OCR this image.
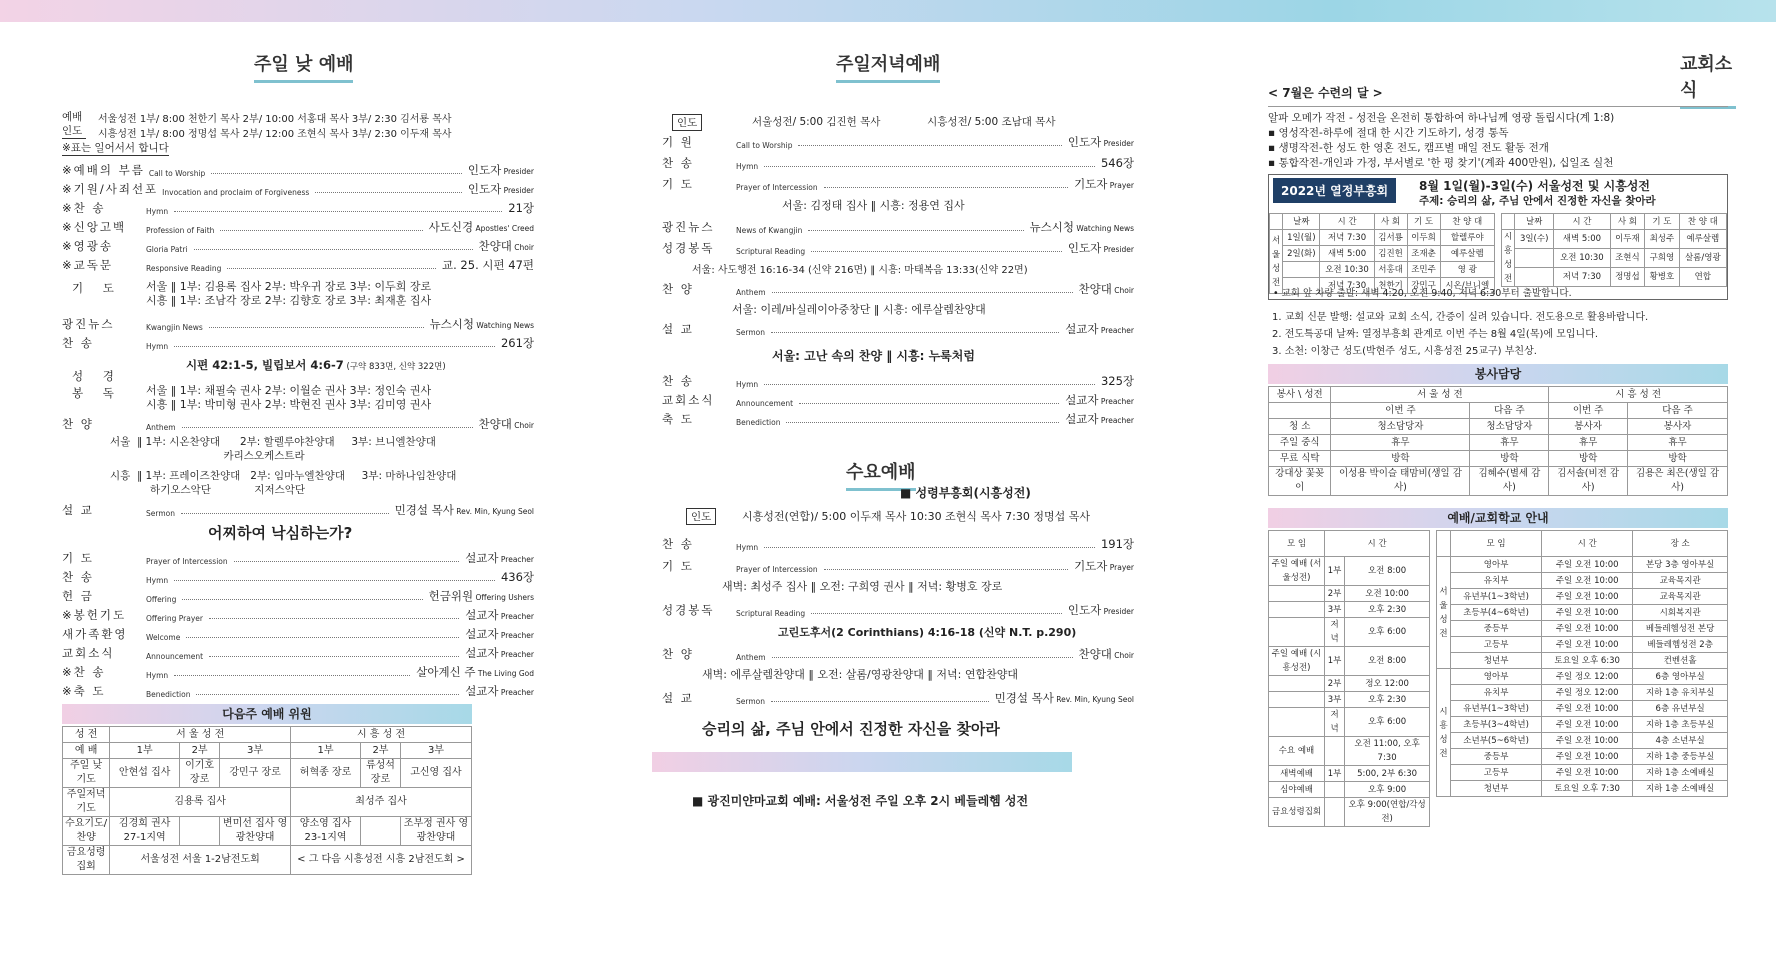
주일 낮 예배
예배 인도
서울성전 1부/ 8:00 천한기 목사 2부/ 10:00 서홍대 목사 3부/ 2:30 김서룡 목사
시흥성전 1부/ 8:00 정명섭 목사 2부/ 12:00 조현식 목사 3부/ 2:30 이두재 목사
※표는 일어서서 합니다
※예배의 부름 Call to Worship	인도자 Presider
※기원/사죄선포 Invocation and proclaim of Forgiveness	인도자 Presider
※찬 송	Hymn	21장
※신앙고백	Profession of Faith	사도신경 Apostles' Creed
※영광송	Gloria Patri	찬양대 Choir
※교독문	Responsive Reading	교. 25. 시편 47편
기 도 서울 ‖ 1부: 김용록 집사 2부: 박우귀 장로 3부: 이두희 장로
시흥 ‖ 1부: 조남각 장로 2부: 김향호 장로 3부: 최재훈 집사
광진뉴스	Kwangjin News	뉴스시청 Watching News
찬 송	Hymn	261장
성 경
시편 42:1-5, 빌립보서 4:6-7 (구약 833면, 신약 322면)
봉 독 서울 ‖ 1부: 채필숙 권사 2부: 이월순 권사 3부: 정인숙 권사
시흥 ‖ 1부: 박미형 권사 2부: 박현진 권사 3부: 김미영 권사
찬 양	Anthem	찬양대 Choir
서울  ‖ 1부: 시온찬양대      2부: 할렐루야찬양대     3부: 브니엘찬양대
카리스오케스트라
시흥  ‖ 1부: 프레이즈찬양대   2부: 임마누엘찬양대     3부: 마하나임찬양대
하기오스악단             지저스악단
설 교	Sermon	민경설 목사 Rev. Min, Kyung Seol
어찌하여 낙심하는가?
기 도	Prayer of Intercession	설교자 Preacher
찬 송	Hymn	436장
헌 금	Offering	헌금위원 Offering Ushers
※봉헌기도	Offering Prayer	설교자 Preacher
새가족환영	Welcome	설교자 Preacher
교회소식	Announcement	설교자 Preacher
※찬 송	Hymn	살아계신 주 The Living God
※축 도	Benediction	설교자 Preacher
다음주 예배 위원
성 전	서 울 성 전			시 흥 성 전		
예 배	1부	2부	3부	1부	2부	3부
주일 낮 기도	안현섭 집사	이기호 장로	강민구 장로	허혁종 장로	류성석 장로	고신영 집사
주일저녁 기도	김용록 집사			최성주 집사		
수요기도/찬양	김경희 권사 27-1지역		변미선 집사 영광찬양대	양소영 집사 23-1지역		조부정 권사 영광찬양대
금요성령집회	서울성전 서울 1-2남전도회			< 그 다음 시흥성전 시흥 2남전도회 >		
주일저녁예배
인도	서울성전/ 5:00 김진헌 목사              시흥성전/ 5:00 조남대 목사
기 원	Call to Worship	인도자 Presider
찬 송	Hymn	546장
기 도	Prayer of Intercession	기도자 Prayer
서울: 김정태 집사 ‖ 시흥: 정용연 집사
광진뉴스	News of Kwangjin	뉴스시청 Watching News
성경봉독	Scriptural Reading	인도자 Presider
서울: 사도행전 16:16-34 (신약 216면) ‖ 시흥: 마태복음 13:33(신약 22면)
찬 양	Anthem	찬양대 Choir
서울: 이레/바실레이아중창단 ‖ 시흥: 에루살렘찬양대
설 교	Sermon	설교자 Preacher
서울: 고난 속의 찬양 ‖ 시흥: 누룩처럼
찬 송	Hymn	325장
교회소식	Announcement	설교자 Preacher
축 도	Benediction	설교자 Preacher
수요예배
■ 성령부흥회(시흥성전)
인도	시흥성전(연합)/ 5:00 이두재 목사 10:30 조현식 목사 7:30 정명섭 목사
찬 송	Hymn	191장
기 도	Prayer of Intercession	기도자 Prayer
새벽: 최성주 집사 ‖ 오전: 구희영 권사 ‖ 저녁: 황병호 장로
성경봉독	Scriptural Reading	인도자 Presider
고린도후서(2 Corinthians) 4:16-18 (신약 N.T. p.290)
찬 양	Anthem	찬양대 Choir
새벽: 에루살렘찬양대 ‖ 오전: 살롬/영광찬양대 ‖ 저녁: 연합찬양대
설 교	Sermon	민경설 목사 Rev. Min, Kyung Seol
승리의 삶, 주님 안에서 진정한 자신을 찾아라
■ 광진미얀마교회 예배: 서울성전 주일 오후 2시 베들레헴 성전
교회소식
< 7월은 수련의 달 >
알파 오메가 작전 - 성전을 온전히 통합하여 하나님께 영광 돌립시다(계 1:8)
▪ 영성작전-하루에 절대 한 시간 기도하기, 성경 통독
▪ 생명작전-한 성도 한 영혼 전도, 캠프별 매일 전도 활동 전개
▪ 통합작전-개인과 가정, 부서별로 '한 평 찾기'(계좌 400만원), 십일조 실천
2022년 열정부흥회	8월 1일(월)-3일(수) 서울성전 및 시흥성전
주제: 승리의 삶, 주님 안에서 진정한 자신을 찾아라
	날짜	시 간	사 회	기 도	찬 양 대
서울성전	1일(월)	저녁 7:30	김서룡	이두희	할렐루야
	2일(화)	새벽 5:00	김진헌	조재춘	예루살렘
		오전 10:30	서홍대	조민주	영 광
		저녁 7:30	천한기	강민구	시온/브니엘
	날짜	시 간	사 회	기 도	찬 양 대
시흥성전	3일(수)	새벽 5:00	이두재	최성주	예루살렘
		오전 10:30	조현식	구희영	살롬/영광
		저녁 7:30	정명섭	황병호	연합
• 교회 앞 차량 출발: 새벽 4:20, 오전 9:40, 저녁 6:30부터 출발합니다.
1. 교회 신문 발행: 설교와 교회 소식, 간증이 실려 있습니다. 전도용으로 활용바랍니다.
2. 전도특공대 날짜: 열정부흥회 관계로 이번 주는 8월 4일(목)에 모입니다.
3. 소천: 이창근 성도(박현주 성도, 시흥성전 25교구) 부친상.
봉사담당
봉사 \ 성전	서 울 성 전		시 흥 성 전	
	이번 주	다음 주	이번 주	다음 주
청 소	청소담당자	청소담당자	봉사자	봉사자
주일 중식	휴무	휴무	휴무	휴무
무료 식탁	방학	방학	방학	방학
강대상 꽃꽂이	이성용 박이슬 태맘비(생일 감사)	김혜수(별세 감사)	김서솔(비전 감사)	김용은 최은(생일 감사)
예배/교회학교 안내
모 임	시 간	
주일 예배 (서울성전)	1부	오전 8:00
	2부	오전 10:00
	3부	오후 2:30
	저녁	오후 6:00
주일 예배 (시흥성전)	1부	오전 8:00
	2부	정오 12:00
	3부	오후 2:30
	저녁	오후 6:00
수요 예배		오전 11:00, 오후 7:30
새벽예배	1부	5:00, 2부 6:30
심야예배		오후 9:00
금요성령집회		오후 9:00(연합/각성전)
	모 임	시 간	장 소
서울성전	영아부	주일 오전 10:00	본당 3층 영아부실
	유치부	주일 오전 10:00	교육목지관
	유년부(1~3학년)	주일 오전 10:00	교육목지관
	초등부(4~6학년)	주일 오전 10:00	시회복지관
	중등부	주일 오전 10:00	베들레헴성전 본당
	고등부	주일 오전 10:00	베들레헴성전 2층
	청년부	토요일 오후 6:30	컨벤션홀
시흥성전	영아부	주일 정오 12:00	6층 영아부실
	유치부	주일 정오 12:00	지하 1층 유치부실
	유년부(1~3학년)	주일 오전 10:00	6층 유년부실
	초등부(3~4학년)	주일 오전 10:00	지하 1층 초등부실
	소년부(5~6학년)	주일 오전 10:00	4층 소년부실
	중등부	주일 오전 10:00	지하 1층 중등부실
	고등부	주일 오전 10:00	지하 1층 소예배실
	청년부	토요일 오후 7:30	지하 1층 소예배실
